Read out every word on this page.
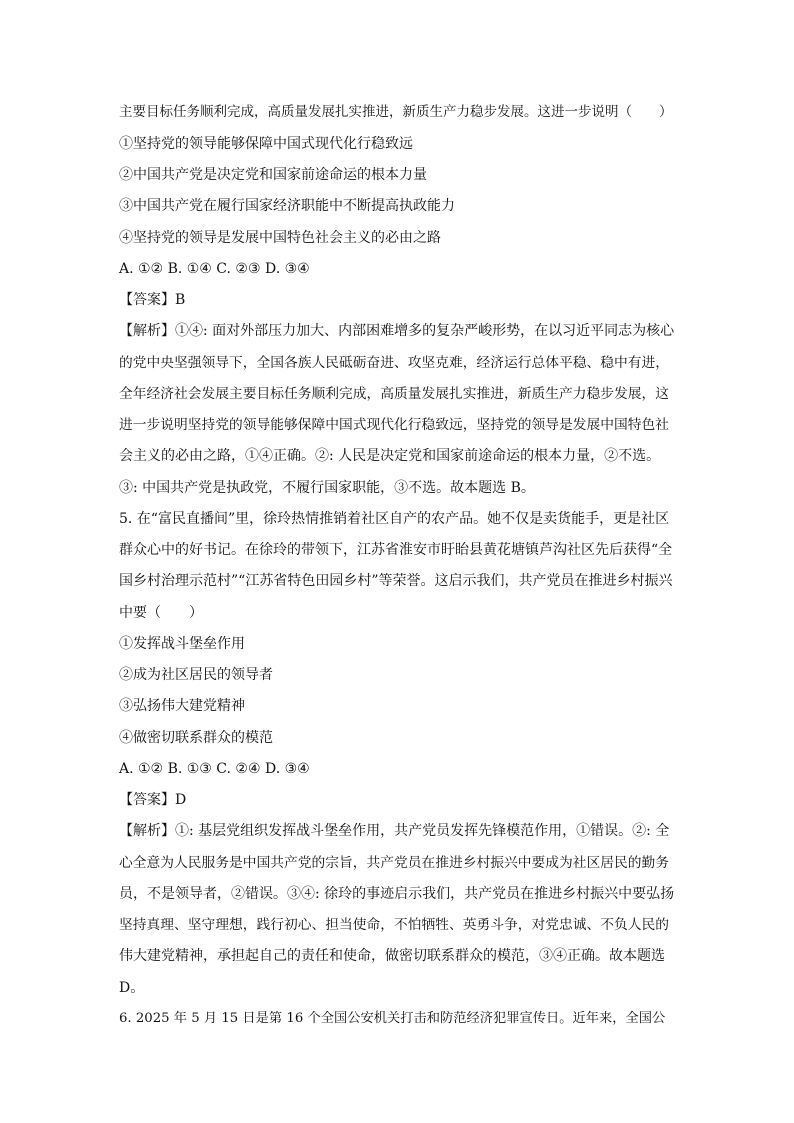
主要目标任务顺利完成，高质量发展扎实推进，新质生产力稳步发展。这进一步说明（　　）
①坚持党的领导能够保障中国式现代化行稳致远
②中国共产党是决定党和国家前途命运的根本力量
③中国共产党在履行国家经济职能中不断提高执政能力
④坚持党的领导是发展中国特色社会主义的必由之路
A. ①② B. ①④ C. ②③ D. ③④
【答案】B
【解析】①④: 面对外部压力加大、内部困难增多的复杂严峻形势，在以习近平同志为核心
的党中央坚强领导下，全国各族人民砥砺奋进、攻坚克难，经济运行总体平稳、稳中有进，
全年经济社会发展主要目标任务顺利完成，高质量发展扎实推进，新质生产力稳步发展，这
进一步说明坚持党的领导能够保障中国式现代化行稳致远，坚持党的领导是发展中国特色社
会主义的必由之路，①④正确。②: 人民是决定党和国家前途命运的根本力量，②不选。
③: 中国共产党是执政党，不履行国家职能，③不选。故本题选 B。
5. 在“富民直播间”里，徐玲热情推销着社区自产的农产品。她不仅是卖货能手，更是社区
群众心中的好书记。在徐玲的带领下，江苏省淮安市盱眙县黄花塘镇芦沟社区先后获得“全
国乡村治理示范村”“江苏省特色田园乡村”等荣誉。这启示我们，共产党员在推进乡村振兴
中要（　　）
①发挥战斗堡垒作用
②成为社区居民的领导者
③弘扬伟大建党精神
④做密切联系群众的模范
A. ①② B. ①③ C. ②④ D. ③④
【答案】D
【解析】①: 基层党组织发挥战斗堡垒作用，共产党员发挥先锋模范作用，①错误。②: 全
心全意为人民服务是中国共产党的宗旨，共产党员在推进乡村振兴中要成为社区居民的勤务
员，不是领导者，②错误。③④: 徐玲的事迹启示我们，共产党员在推进乡村振兴中要弘扬
坚持真理、坚守理想，践行初心、担当使命，不怕牺牲、英勇斗争，对党忠诚、不负人民的
伟大建党精神，承担起自己的责任和使命，做密切联系群众的模范，③④正确。故本题选
D。
6. 2025 年 5 月 15 日是第 16 个全国公安机关打击和防范经济犯罪宣传日。近年来，全国公
